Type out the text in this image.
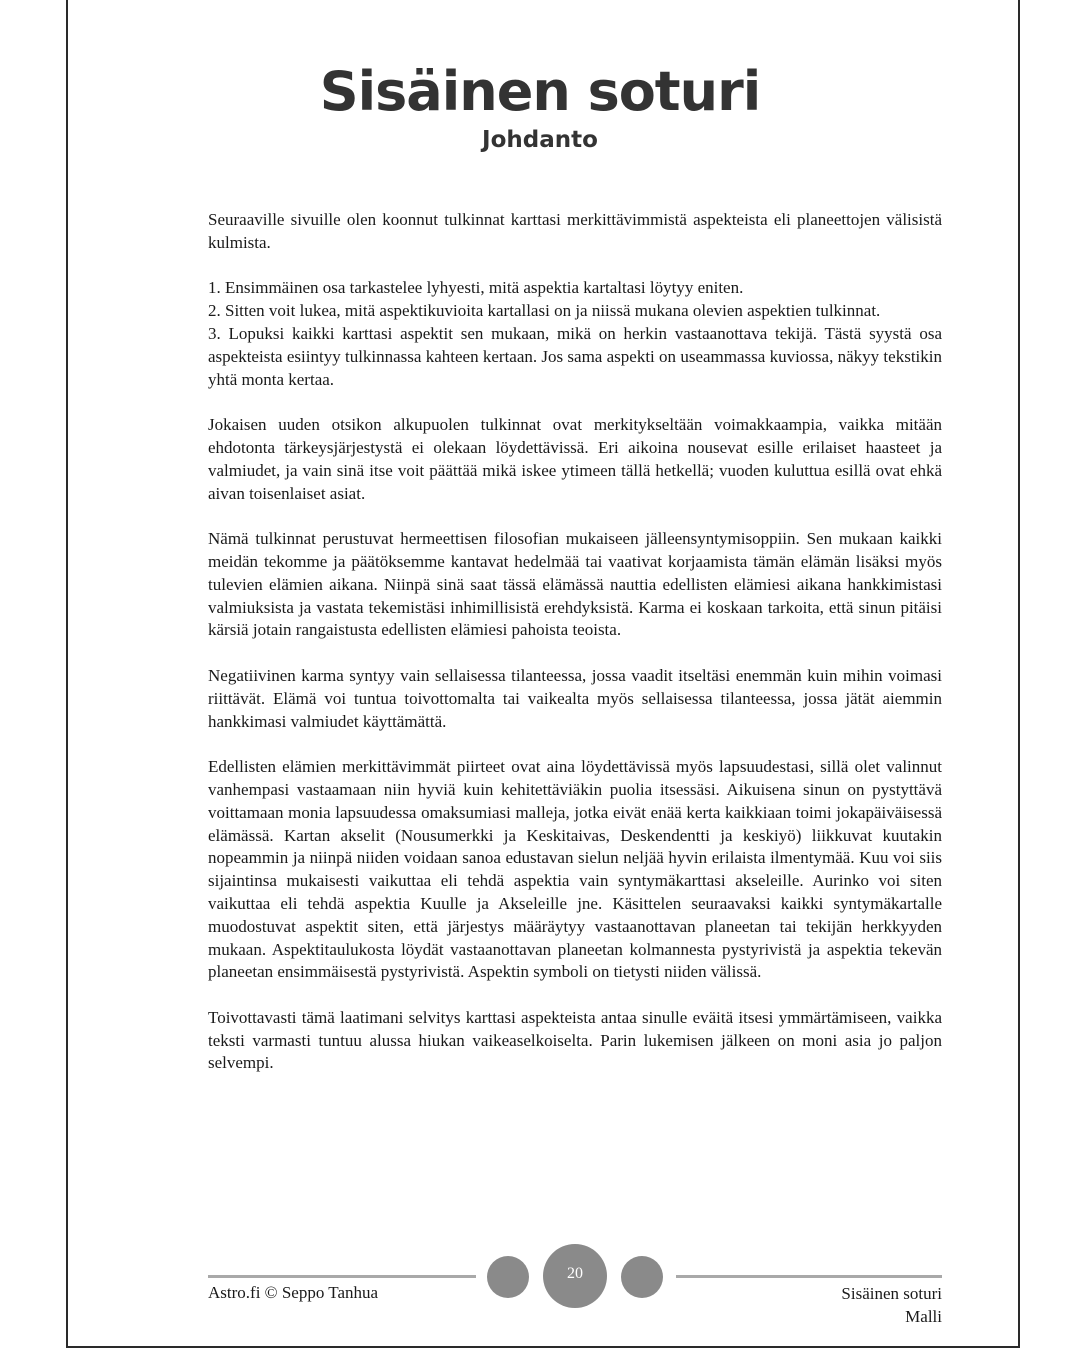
Sisäinen soturi
Johdanto

Seuraaville sivuille olen koonnut tulkinnat karttasi merkittävimmistä aspekteista eli planeettojen välisistä kulmista.

1. Ensimmäinen osa tarkastelee lyhyesti, mitä aspektia kartaltasi löytyy eniten.

2. Sitten voit lukea, mitä aspektikuvioita kartallasi on ja niissä mukana olevien aspektien tulkinnat.

3. Lopuksi kaikki karttasi aspektit sen mukaan, mikä on herkin vastaanottava tekijä. Tästä syystä osa aspekteista esiintyy tulkinnassa kahteen kertaan. Jos sama aspekti on useammassa kuviossa, näkyy tekstikin yhtä monta kertaa.

Jokaisen uuden otsikon alkupuolen tulkinnat ovat merkitykseltään voimakkaampia, vaikka mitään ehdotonta tärkeysjärjestystä ei olekaan löydettävissä. Eri aikoina nousevat esille erilaiset haasteet ja valmiudet, ja vain sinä itse voit päättää mikä iskee ytimeen tällä hetkellä; vuoden kuluttua esillä ovat ehkä aivan toisenlaiset asiat.

Nämä tulkinnat perustuvat hermeettisen filosofian mukaiseen jälleensyntymisoppiin. Sen mukaan kaikki meidän tekomme ja päätöksemme kantavat hedelmää tai vaativat korjaamista tämän elämän lisäksi myös tulevien elämien aikana. Niinpä sinä saat tässä elämässä nauttia edellisten elämiesi aikana hankkimistasi valmiuksista ja vastata tekemistäsi inhimillisistä erehdyksistä. Karma ei koskaan tarkoita, että sinun pitäisi kärsiä jotain rangaistusta edellisten elämiesi pahoista teoista.

Negatiivinen karma syntyy vain sellaisessa tilanteessa, jossa vaadit itseltäsi enemmän kuin mihin voimasi riittävät. Elämä voi tuntua toivottomalta tai vaikealta myös sellaisessa tilanteessa, jossa jätät aiemmin hankkimasi valmiudet käyttämättä.

Edellisten elämien merkittävimmät piirteet ovat aina löydettävissä myös lapsuudestasi, sillä olet valinnut vanhempasi vastaamaan niin hyviä kuin kehitettäviäkin puolia itsessäsi. Aikuisena sinun on pystyttävä voittamaan monia lapsuudessa omaksumiasi malleja, jotka eivät enää kerta kaikkiaan toimi jokapäiväisessä elämässä. Kartan akselit (Nousumerkki ja Keskitaivas, Deskendentti ja keskiyö) liikkuvat kuutakin nopeammin ja niinpä niiden voidaan sanoa edustavan sielun neljää hyvin erilaista ilmentymää. Kuu voi siis sijaintinsa mukaisesti vaikuttaa eli tehdä aspektia vain syntymäkarttasi akseleille. Aurinko voi siten vaikuttaa eli tehdä aspektia Kuulle ja Akseleille jne. Käsittelen seuraavaksi kaikki syntymäkartalle muodostuvat aspektit siten, että järjestys määräytyy vastaanottavan planeetan tai tekijän herkkyyden mukaan. Aspektitaulukosta löydät vastaanottavan planeetan kolmannesta pystyrivistä ja aspektia tekevän planeetan ensimmäisestä pystyrivistä. Aspektin symboli on tietysti niiden välissä.

Toivottavasti tämä laatimani selvitys karttasi aspekteista antaa sinulle eväitä itsesi ymmärtämiseen, vaikka teksti varmasti tuntuu alussa hiukan vaikeaselkoiselta. Parin lukemisen jälkeen on moni asia jo paljon selvempi.

20
Astro.fi © Seppo Tanhua	Sisäinen soturi
Malli
